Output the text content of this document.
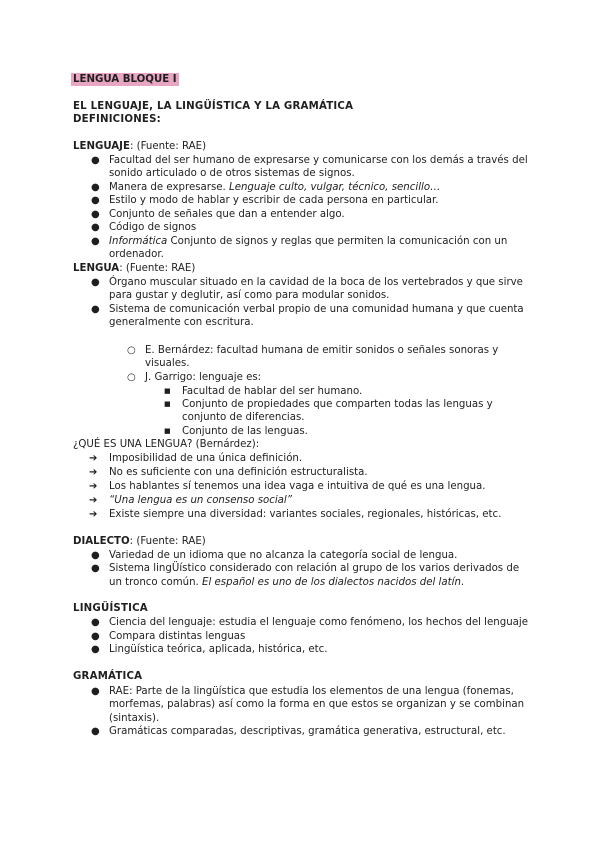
LENGUA BLOQUE I
EL LENGUAJE, LA LINGÜÍSTICA Y LA GRAMÁTICA
DEFINICIONES:
LENGUAJE: (Fuente: RAE)
● Facultad del ser humano de expresarse y comunicarse con los demás a través del
sonido articulado o de otros sistemas de signos.
● Manera de expresarse. Lenguaje culto, vulgar, técnico, sencillo…
● Estilo y modo de hablar y escribir de cada persona en particular.
● Conjunto de señales que dan a entender algo.
● Código de signos
● Informática Conjunto de signos y reglas que permiten la comunicación con un
ordenador.
LENGUA: (Fuente: RAE)
● Órgano muscular situado en la cavidad de la boca de los vertebrados y que sirve
para gustar y deglutir, así como para modular sonidos.
● Sistema de comunicación verbal propio de una comunidad humana y que cuenta
generalmente con escritura.
○ E. Bernárdez: facultad humana de emitir sonidos o señales sonoras y
visuales.
○ J. Garrigo: lenguaje es:
■ Facultad de hablar del ser humano.
■ Conjunto de propiedades que comparten todas las lenguas y
conjunto de diferencias.
■ Conjunto de las lenguas.
¿QUÉ ES UNA LENGUA? (Bernárdez):
➔ Imposibilidad de una única definición.
➔ No es suficiente con una definición estructuralista.
➔ Los hablantes sí tenemos una idea vaga e intuitiva de qué es una lengua.
➔ “Una lengua es un consenso social”
➔ Existe siempre una diversidad: variantes sociales, regionales, históricas, etc.
DIALECTO: (Fuente: RAE)
● Variedad de un idioma que no alcanza la categoría social de lengua.
● Sistema lingÜístico considerado con relación al grupo de los varios derivados de
un tronco común. El español es uno de los dialectos nacidos del latín.
LINGÜÍSTICA
● Ciencia del lenguaje: estudia el lenguaje como fenómeno, los hechos del lenguaje
● Compara distintas lenguas
● Lingüística teórica, aplicada, histórica, etc.
GRAMÁTICA
● RAE: Parte de la lingüística que estudia los elementos de una lengua (fonemas,
morfemas, palabras) así como la forma en que estos se organizan y se combinan
(sintaxis).
● Gramáticas comparadas, descriptivas, gramática generativa, estructural, etc.
